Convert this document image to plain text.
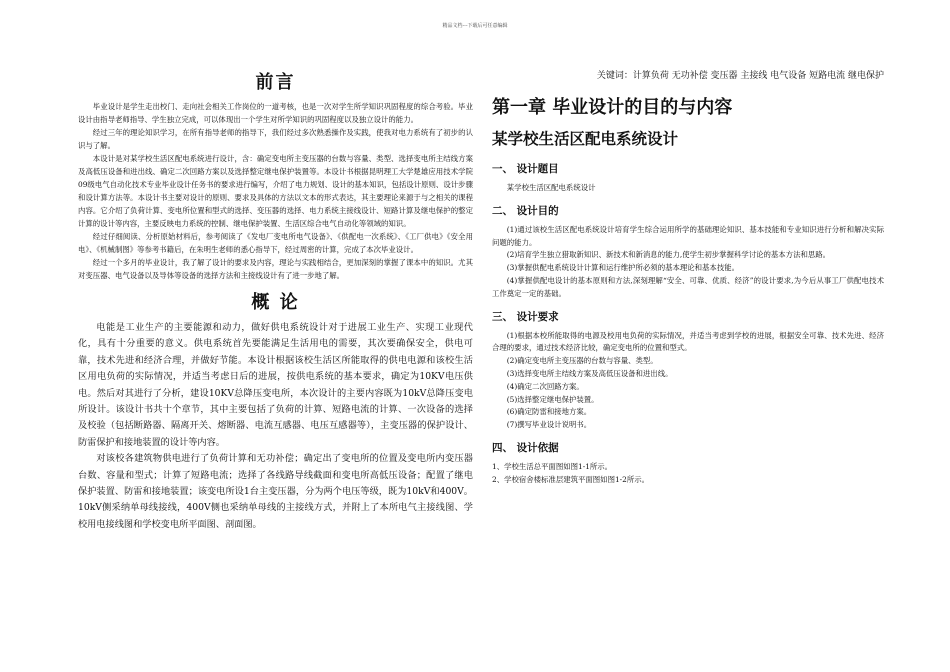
精品文档---下载后可任意编辑
前言

毕业设计是学生走出校门、走向社会相关工作岗位的一道考核，也是一次对学生所学知识巩固程度的综合考验。毕业设计由指导老师指导、学生独立完成，可以体现出一个学生对所学知识的巩固程度以及独立设计的能力。

经过三年的理论知识学习，在所有指导老师的指导下，我们经过多次熟悉操作及实践，使我对电力系统有了初步的认识与了解。

本设计是对某学校生活区配电系统进行设计，含：确定变电所主变压器的台数与容量、类型、选择变电所主结线方案及高低压设备和进出线、确定二次回路方案以及选择整定继电保护装置等。本设计书根据昆明理工大学楚雄应用技术学院09级电气自动化技术专业毕业设计任务书的要求进行编写，介绍了电力规划、设计的基本知识，包括设计原则、设计步骤和设计算方法等。本设计书主要对设计的原则、要求及具体的方法以文本的形式表达，其主要理论来源于与之相关的课程内容。它介绍了负荷计算、变电所位置和型式的选择、变压器的选择、电力系统主接线设计、短路计算及继电保护的整定计算的设计等内容，主要反映电力系统的控制、继电保护装置、生活区综合电气自动化等领域的知识。

经过仔细阅读、分析原始材料后，参考阅读了《发电厂变电所电气设备》、《供配电一次系统》、《工厂供电》《安全用电》、《机械制图》等参考书籍后，在朱明生老师的悉心指导下，经过周密的计算，完成了本次毕业设计。

经过一个多月的毕业设计，我了解了设计的要求及内容，理论与实践相结合，更加深刻的掌握了课本中的知识。尤其对变压器、电气设备以及导体等设备的选择方法和主接线设计有了进一步地了解。

概 论

电能是工业生产的主要能源和动力，做好供电系统设计对于进展工业生产、实现工业现代化，具有十分重要的意义。供电系统首先要能满足生活用电的需要，其次要确保安全，供电可靠，技术先进和经济合理，并做好节能。本设计根据该校生活区所能取得的供电电源和该校生活区用电负荷的实际情况，并适当考虑日后的进展，按供电系统的基本要求，确定为10KV电压供电。然后对其进行了分析，建设10KV总降压变电所，本次设计的主要内容既为10kV总降压变电所设计。该设计书共十个章节，其中主要包括了负荷的计算、短路电流的计算、一次设备的选择及校验（包括断路器、隔离开关、熔断器、电流互感器、电压互感器等），主变压器的保护设计、防雷保护和接地装置的设计等内容。

对该校各建筑物供电进行了负荷计算和无功补偿；确定出了变电所的位置及变电所内变压器台数、容量和型式；计算了短路电流；选择了各线路导线截面和变电所高低压设备；配置了继电保护装置、防雷和接地装置；该变电所设1台主变压器，分为两个电压等级，既为10kV和400V。10kV侧采纳单母线接线，400V侧也采纳单母线的主接线方式，并附上了本所电气主接线图、学校用电接线图和学校变电所平面图、剖面图。

关键词：计算负荷 无功补偿 变压器 主接线 电气设备 短路电流 继电保护
第一章 毕业设计的目的与内容
某学校生活区配电系统设计
一、 设计题目

某学校生活区配电系统设计

二、 设计目的

(1)通过该校生活区配电系统设计培育学生综合运用所学的基础理论知识、基本技能和专业知识进行分析和解决实际问题的能力。

(2)培育学生独立猎取新知识、新技术和新消息的能力,使学生初步掌握科学讨论的基本方法和思路。

(3)掌握供配电系统设计计算和运行维护所必须的基本理论和基本技能。

(4)掌握供配电设计的基本原则和方法,深刻理解“安全、可靠、优质、经济”的设计要求,为今后从事工厂供配电技术工作奠定一定的基础。

三、 设计要求

(1)根据本校所能取得的电源及校用电负荷的实际情况，并适当考虑到学校的进展，根据安全可靠、技术先进、经济合理的要求，通过技术经济比较，确定变电所的位置和型式。

(2)确定变电所主变压器的台数与容量、类型。

(3)选择变电所主结线方案及高低压设备和进出线。

(4)确定二次回路方案。

(5)选择整定继电保护装置。

(6)确定防雷和接地方案。

(7)撰写毕业设计说明书。

四、 设计依据

1、学校生活总平面图如图1-1所示。

2、学校宿舍楼标准层建筑平面图如图1-2所示。
